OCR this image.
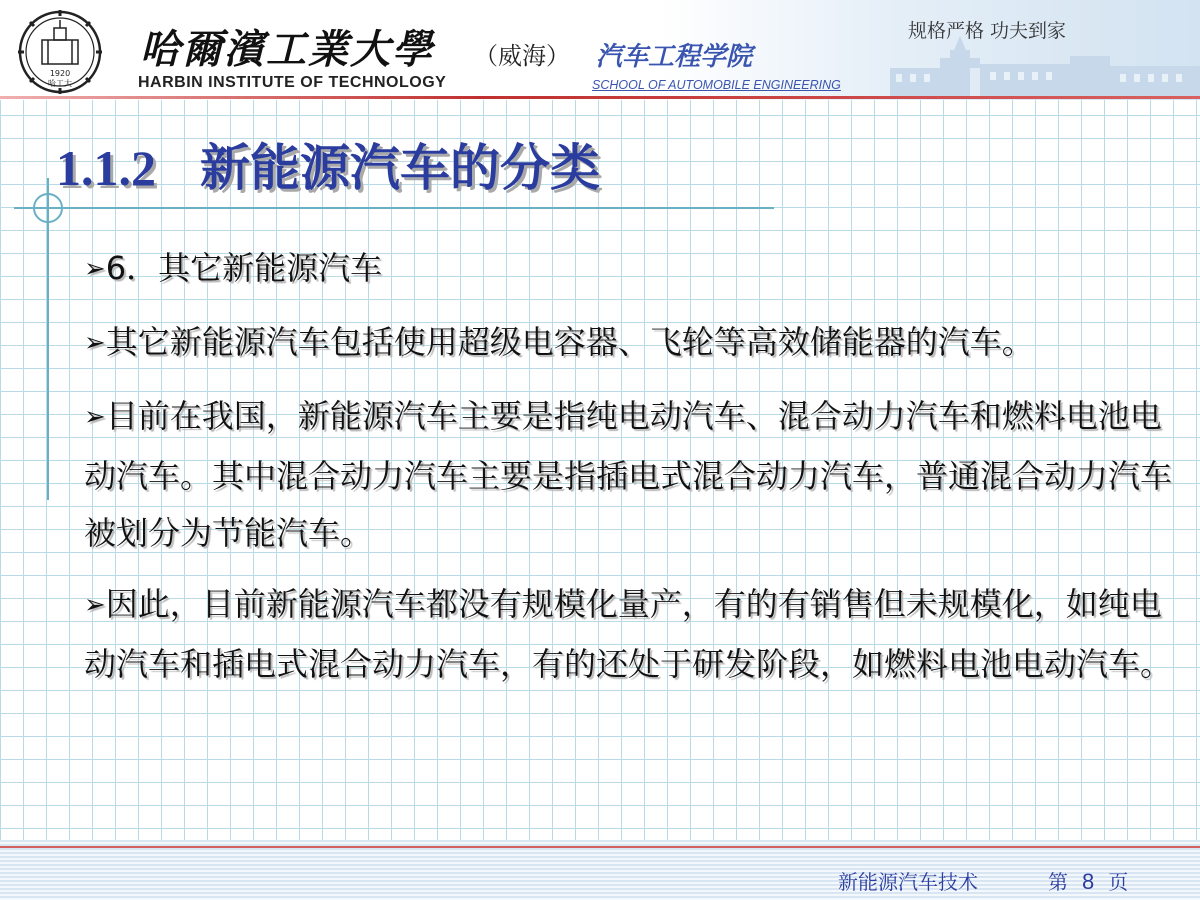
1920
哈工大
哈爾濱工業大學 （威海） 汽车工程学院
HARBIN INSTITUTE OF TECHNOLOGY	SCHOOL OF AUTOMOBILE ENGINEERING
规格严格 功夫到家
1.1.2 新能源汽车的分类

➢6．其它新能源汽车

➢其它新能源汽车包括使用超级电容器、飞轮等高效储能器的汽车。

➢目前在我国，新能源汽车主要是指纯电动汽车、混合动力汽车和燃料电池电动汽车。其中混合动力汽车主要是指插电式混合动力汽车，普通混合动力汽车被划分为节能汽车。

➢因此，目前新能源汽车都没有规模化量产，有的有销售但未规模化，如纯电动汽车和插电式混合动力汽车，有的还处于研发阶段，如燃料电池电动汽车。

新能源汽车技术	第 8 页
